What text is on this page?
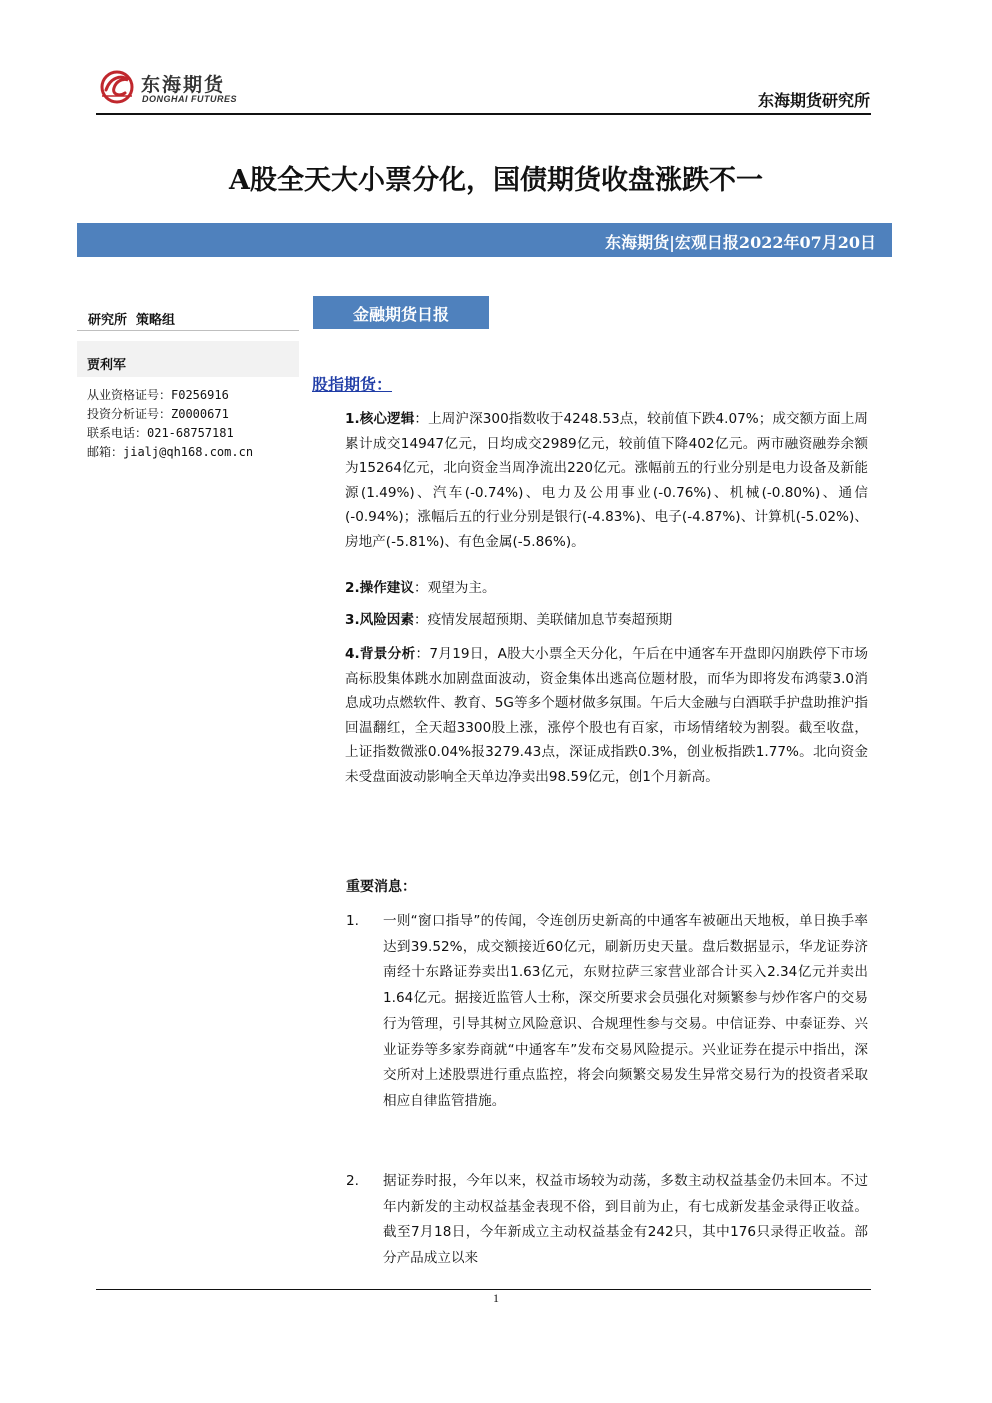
东海期货
DONGHAI FUTURES	东海期货研究所
A股全天大小票分化，国债期货收盘涨跌不一
东海期货|宏观日报2022年07月20日
研究所  策略组
贾利军
从业资格证号：F0256916
投资分析证号：Z0000671
联系电话：021-68757181
邮箱：jialj@qh168.com.cn
金融期货日报
股指期货：
1.核心逻辑：上周沪深300指数收于4248.53点，较前值下跌4.07%；成交额方面上周累计成交14947亿元，日均成交2989亿元，较前值下降402亿元。两市融资融券余额为15264亿元，北向资金当周净流出220亿元。涨幅前五的行业分别是电力设备及新能源(1.49%)、汽车(-0.74%)、电力及公用事业(-0.76%)、机械(-0.80%)、通信(-0.94%)；涨幅后五的行业分别是银行(-4.83%)、电子(-4.87%)、计算机(-5.02%)、房地产(-5.81%)、有色金属(-5.86%)。
2.操作建议：观望为主。
3.风险因素：疫情发展超预期、美联储加息节奏超预期
4.背景分析：7月19日，A股大小票全天分化，午后在中通客车开盘即闪崩跌停下市场高标股集体跳水加剧盘面波动，资金集体出逃高位题材股，而华为即将发布鸿蒙3.0消息成功点燃软件、教育、5G等多个题材做多氛围。午后大金融与白酒联手护盘助推沪指回温翻红，全天超3300股上涨，涨停个股也有百家，市场情绪较为割裂。截至收盘，上证指数微涨0.04%报3279.43点，深证成指跌0.3%，创业板指跌1.77%。北向资金未受盘面波动影响全天单边净卖出98.59亿元，创1个月新高。
重要消息：
1. 一则“窗口指导”的传闻，令连创历史新高的中通客车被砸出天地板，单日换手率达到39.52%，成交额接近60亿元，刷新历史天量。盘后数据显示，华龙证券济南经十东路证券卖出1.63亿元，东财拉萨三家营业部合计买入2.34亿元并卖出1.64亿元。据接近监管人士称，深交所要求会员强化对频繁参与炒作客户的交易行为管理，引导其树立风险意识、合规理性参与交易。中信证券、中泰证券、兴业证券等多家券商就“中通客车”发布交易风险提示。兴业证券在提示中指出，深交所对上述股票进行重点监控，将会向频繁交易发生异常交易行为的投资者采取相应自律监管措施。
2. 据证券时报，今年以来，权益市场较为动荡，多数主动权益基金仍未回本。不过年内新发的主动权益基金表现不俗，到目前为止，有七成新发基金录得正收益。截至7月18日，今年新成立主动权益基金有242只，其中176只录得正收益。部分产品成立以来
1
